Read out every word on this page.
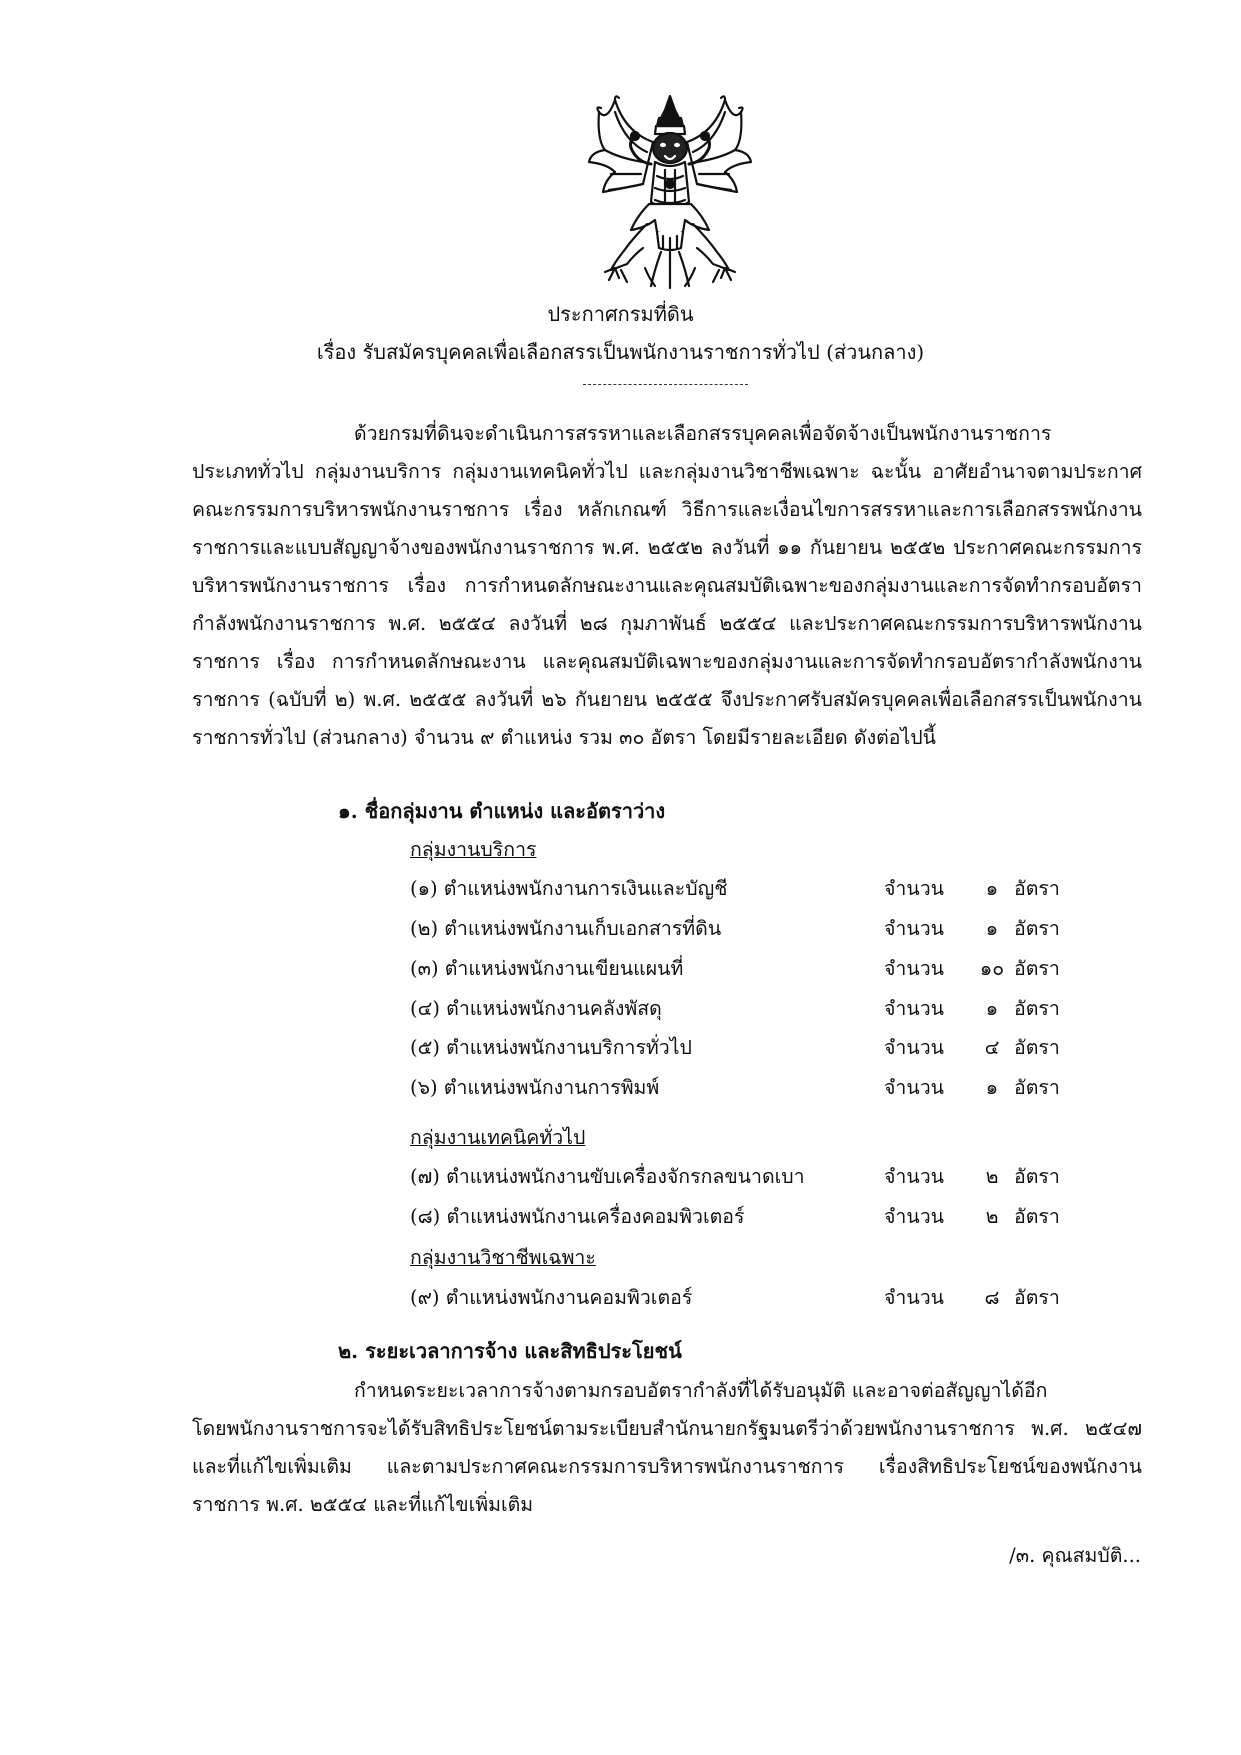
ประกาศกรมที่ดิน
เรื่อง รับสมัครบุคคลเพื่อเลือกสรรเป็นพนักงานราชการทั่วไป (ส่วนกลาง)
ด้วยกรมที่ดินจะดำเนินการสรรหาและเลือกสรรบุคคลเพื่อจัดจ้างเป็นพนักงานราชการ
ประเภททั่วไป กลุ่มงานบริการ กลุ่มงานเทคนิคทั่วไป และกลุ่มงานวิชาชีพเฉพาะ ฉะนั้น อาศัยอำนาจตามประกาศคณะกรรมการบริหารพนักงานราชการ เรื่อง หลักเกณฑ์ วิธีการและเงื่อนไขการสรรหาและการเลือกสรรพนักงานราชการและแบบสัญญาจ้างของพนักงานราชการ พ.ศ. ๒๕๕๒ ลงวันที่ ๑๑ กันยายน ๒๕๕๒ ประกาศคณะกรรมการบริหารพนักงานราชการ เรื่อง การกำหนดลักษณะงานและคุณสมบัติเฉพาะของกลุ่มงานและการจัดทำกรอบอัตรากำลังพนักงานราชการ พ.ศ. ๒๕๕๔ ลงวันที่ ๒๘ กุมภาพันธ์ ๒๕๕๔ และประกาศคณะกรรมการบริหารพนักงานราชการ เรื่อง การกำหนดลักษณะงาน และคุณสมบัติเฉพาะของกลุ่มงานและการจัดทำกรอบอัตรากำลังพนักงานราชการ (ฉบับที่ ๒) พ.ศ. ๒๕๕๕ ลงวันที่ ๒๖ กันยายน ๒๕๕๕ จึงประกาศรับสมัครบุคคลเพื่อเลือกสรรเป็นพนักงานราชการทั่วไป (ส่วนกลาง) จำนวน ๙ ตำแหน่ง รวม ๓๐ อัตรา โดยมีรายละเอียด ดังต่อไปนี้
๑. ชื่อกลุ่มงาน ตำแหน่ง และอัตราว่าง
กลุ่มงานบริการ
(๑) ตำแหน่งพนักงานการเงินและบัญชี	จำนวน	๑ อัตรา
(๒) ตำแหน่งพนักงานเก็บเอกสารที่ดิน	จำนวน	๑ อัตรา
(๓) ตำแหน่งพนักงานเขียนแผนที่	จำนวน	๑๐ อัตรา
(๔) ตำแหน่งพนักงานคลังพัสดุ	จำนวน	๑ อัตรา
(๕) ตำแหน่งพนักงานบริการทั่วไป	จำนวน	๔ อัตรา
(๖) ตำแหน่งพนักงานการพิมพ์	จำนวน	๑ อัตรา
กลุ่มงานเทคนิคทั่วไป
(๗) ตำแหน่งพนักงานขับเครื่องจักรกลขนาดเบา	จำนวน	๒ อัตรา
(๘) ตำแหน่งพนักงานเครื่องคอมพิวเตอร์	จำนวน	๒ อัตรา
กลุ่มงานวิชาชีพเฉพาะ
(๙) ตำแหน่งพนักงานคอมพิวเตอร์	จำนวน	๘ อัตรา
๒. ระยะเวลาการจ้าง และสิทธิประโยชน์
กำหนดระยะเวลาการจ้างตามกรอบอัตรากำลังที่ได้รับอนุมัติ และอาจต่อสัญญาได้อีก
โดยพนักงานราชการจะได้รับสิทธิประโยชน์ตามระเบียบสำนักนายกรัฐมนตรีว่าด้วยพนักงานราชการ พ.ศ. ๒๕๔๗ และที่แก้ไขเพิ่มเติม และตามประกาศคณะกรรมการบริหารพนักงานราชการ เรื่องสิทธิประโยชน์ของพนักงานราชการ พ.ศ. ๒๕๕๔ และที่แก้ไขเพิ่มเติม
/๓. คุณสมบัติ...
